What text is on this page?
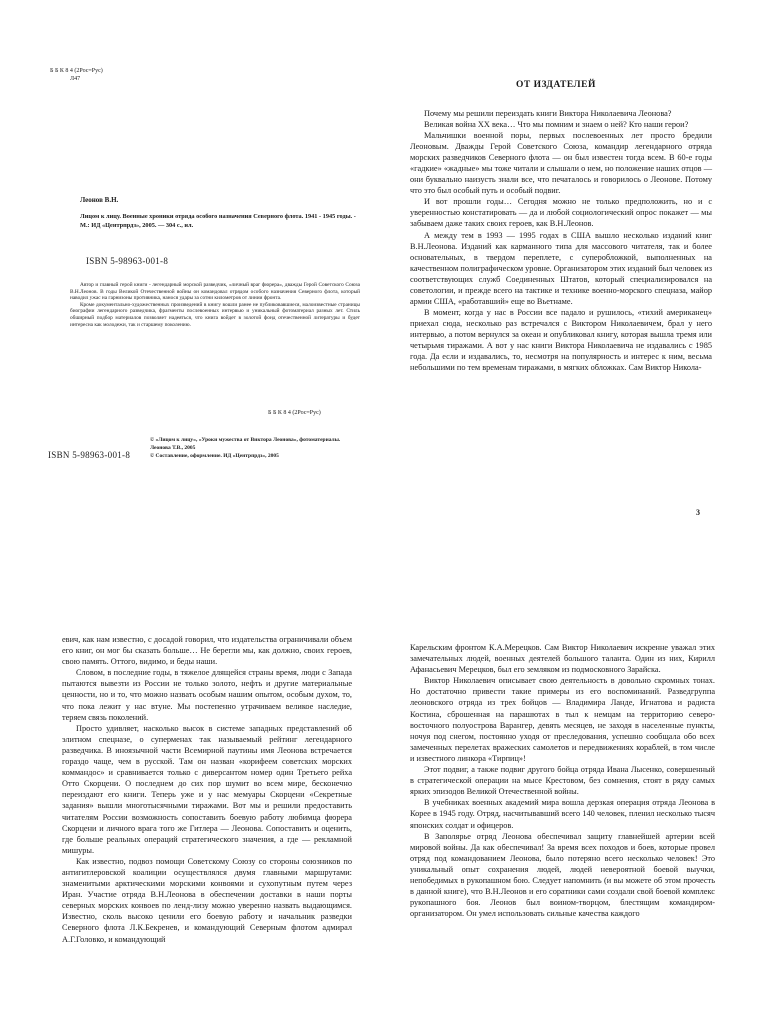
Б Б К 8 4 (2Рос=Рус)
Л47
Леонов В.Н.
Лицом к лицу. Военные хроники отряда особого назначения Северного флота. 1941 - 1945 годы. - М.: ИД «Центрпрдз», 2005. — 304 с., ил.
ISBN 5-98963-001-8

Автор и главный герой книги - легендарный морской разведчик, «личный враг фюрера», дважды Герой Советского Союза В.Н.Леонов. В годы Великой Отечественной войны он командовал отрядом особого назначения Северного флота, который наводил ужас на гарнизоны противника, нанося удары за сотни километров от линии фронта.

Кроме документально-художественных произведений в книгу вошли ранее не публиковавшиеся, малоизвестные страницы биографии легендарного разведчика, фрагменты послевоенных интервью и уникальный фотоматериал разных лет. Стиль обширный подбор материалов позволяет надеяться, что книга войдет в золотой фонд отечественной литературы и будет интересна как молодежи, так и старшему поколению.

Б Б К 8 4 (2Рос=Рус)
ISBN 5-98963-001-8
© «Лицом к лицу», «Уроки мужества от Виктора Леонова», фотоматериалы. Леонова Т.В., 2005
© Составление, оформление. ИД «Центрпрдз», 2005
ОТ ИЗДАТЕЛЕЙ

Почему мы решили переиздать книги Виктора Николаевича Леонова?

Великая война XX века… Что мы помним и знаем о ней? Кто наши герои?

Мальчишки военной поры, первых послевоенных лет просто бредили Леоновым. Дважды Герой Советского Союза, командир легендарного отряда морских разведчиков Северного флота — он был известен тогда всем. В 60-е годы «гадкие» «жадные» мы тоже читали и слышали о нем, но положение наших отцов — они буквально наизусть знали все, что печаталось и говорилось о Леонове. Потому что это был особый путь и особый подвиг.

И вот прошли годы… Сегодня можно не только предположить, но и с уверенностью констатировать — да и любой социологический опрос покажет — мы забываем даже таких своих героев, как В.Н.Леонов.

А между тем в 1993 — 1995 годах в США вышло несколько изданий книг В.Н.Леонова. Изданий как карманного типа для массового читателя, так и более основательных, в твердом переплете, с суперобложкой, выполненных на качественном полиграфическом уровне. Организатором этих изданий был человек из соответствующих служб Соединенных Штатов, который специализировался на советологии, и прежде всего на тактике и технике военно-морского спецназа, майор армии США, «работавший» еще во Вьетнаме.

В момент, когда у нас в России все падало и рушилось, «тихий американец» приехал сюда, несколько раз встречался с Виктором Николаевичем, брал у него интервью, а потом вернулся за океан и опубликовал книгу, которая вышла тремя или четырьмя тиражами. А вот у нас книги Виктора Николаевича не издавались с 1985 года. Да если и издавались, то, несмотря на популярность и интерес к ним, весьма небольшими по тем временам тиражами, в мягких обложках. Сам Виктор Никола-

3

евич, как нам известно, с досадой говорил, что издательства ограничивали объем его книг, он мог бы сказать больше… Не берегли мы, как должно, своих героев, свою память. Оттого, видимо, и беды наши.

Словом, в последние годы, в тяжелое длящейся страны время, люди с Запада пытаются вывезти из России не только золото, нефть и другие материальные ценности, но и то, что можно назвать особым нашим опытом, особым духом, то, что пока лежит у нас втуне. Мы постепенно утрачиваем великое наследие, теряем связь поколений.

Просто удивляет, насколько высок в системе западных представлений об элитном спецназе, о суперменах так называемый рейтинг легендарного разведчика. В иноязычной части Всемирной паутины имя Леонова встречается гораздо чаще, чем в русской. Там он назван «корифеем советских морских коммандос» и сравнивается только с диверсантом номер один Третьего рейха Отто Скорцени. О последнем до сих пор шумит во всем мире, бесконечно переиздают его книги. Теперь уже и у нас мемуары Скорцени «Секретные задания» вышли многотысячными тиражами. Вот мы и решили предоставить читателям России возможность сопоставить боевую работу любимца фюрера Скорцени и личного врага того же Гитлера — Леонова. Сопоставить и оценить, где больше реальных операций стратегического значения, а где — рекламной мишуры.

Как известно, подвоз помощи Советскому Союзу со стороны союзников по антигитлеровской коалиции осуществлялся двумя главными маршрутами: знаменитыми арктическими морскими конвоями и сухопутным путем через Иран. Участие отряда В.Н.Леонова в обеспечении доставки в наши порты северных морских конвоев по ленд-лизу можно уверенно назвать выдающимся. Известно, сколь высоко ценили его боевую работу и начальник разведки Северного флота Л.К.Бекренев, и командующий Северным флотом адмирал А.Г.Головко, и командующий

Карельским фронтом К.А.Мерецков. Сам Виктор Николаевич искренне уважал этих замечательных людей, военных деятелей большого таланта. Один из них, Кирилл Афанасьевич Мерецков, был его земляком из подмосковного Зарайска.

Виктор Николаевич описывает свою деятельность в довольно скромных тонах. Но достаточно привести такие примеры из его воспоминаний. Разведгруппа леоновского отряда из трех бойцов — Владимира Ланде, Игнатова и радиста Костина, сброшенная на парашютах в тыл к немцам на территорию северо-восточного полуострова Варангер, девять месяцев, не заходя в населенные пункты, ночуя под снегом, постоянно уходя от преследования, успешно сообщала обо всех замеченных перелетах вражеских самолетов и передвижениях кораблей, в том числе и известного линкора «Тирпиц»!

Этот подвиг, а также подвиг другого бойца отряда Ивана Лысенко, совершенный в стратегической операции на мысе Крестовом, без сомнения, стоят в ряду самых ярких эпизодов Великой Отечественной войны.

В учебниках военных академий мира вошла дерзкая операция отряда Леонова в Корее в 1945 году. Отряд, насчитывавший всего 140 человек, пленил несколько тысяч японских солдат и офицеров.

В Заполярье отряд Леонова обеспечивал защиту главнейшей артерии всей мировой войны. Да как обеспечивал! За время всех походов и боев, которые провел отряд под командованием Леонова, было потеряно всего несколько человек! Это уникальный опыт сохранения людей, людей невероятной боевой выучки, непобедимых в рукопашном бою. Следует напомнить (и вы можете об этом прочесть в данной книге), что В.Н.Леонов и его соратники сами создали свой боевой комплекс рукопашного боя. Леонов был воином-творцом, блестящим командиром-организатором. Он умел использовать сильные качества каждого
